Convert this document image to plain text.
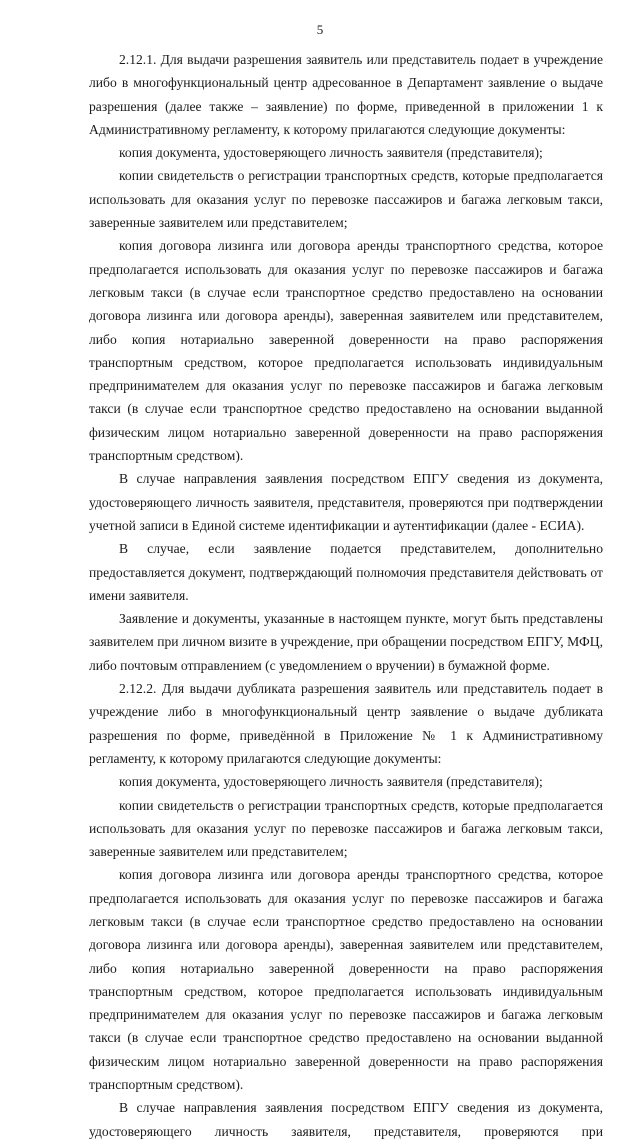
5

2.12.1. Для выдачи разрешения заявитель или представитель подает в учреждение либо в многофункциональный центр адресованное в Департамент заявление о выдаче разрешения (далее также – заявление) по форме, приведенной в приложении 1 к Административному регламенту, к которому прилагаются следующие документы:

копия документа, удостоверяющего личность заявителя (представителя);

копии свидетельств о регистрации транспортных средств, которые предполагается использовать для оказания услуг по перевозке пассажиров и багажа легковым такси, заверенные заявителем или представителем;

копия договора лизинга или договора аренды транспортного средства, которое предполагается использовать для оказания услуг по перевозке пассажиров и багажа легковым такси (в случае если транспортное средство предоставлено на основании договора лизинга или договора аренды), заверенная заявителем или представителем, либо копия нотариально заверенной доверенности на право распоряжения транспортным средством, которое предполагается использовать индивидуальным предпринимателем для оказания услуг по перевозке пассажиров и багажа легковым такси (в случае если транспортное средство предоставлено на основании выданной физическим лицом нотариально заверенной доверенности на право распоряжения транспортным средством).

В случае направления заявления посредством ЕПГУ сведения из документа, удостоверяющего личность заявителя, представителя, проверяются при подтверждении учетной записи в Единой системе идентификации и аутентификации (далее - ЕСИА).

В случае, если заявление подается представителем, дополнительно предоставляется документ, подтверждающий полномочия представителя действовать от имени заявителя.

Заявление и документы, указанные в настоящем пункте, могут быть представлены заявителем при личном визите в учреждение, при обращении посредством ЕПГУ, МФЦ, либо почтовым отправлением (с уведомлением о вручении) в бумажной форме.

2.12.2. Для выдачи дубликата разрешения заявитель или представитель подает в учреждение либо в многофункциональный центр заявление о выдаче дубликата разрешения по форме, приведённой в Приложение № 1 к Административному регламенту, к которому прилагаются следующие документы:

копия документа, удостоверяющего личность заявителя (представителя);

копии свидетельств о регистрации транспортных средств, которые предполагается использовать для оказания услуг по перевозке пассажиров и багажа легковым такси, заверенные заявителем или представителем;

копия договора лизинга или договора аренды транспортного средства, которое предполагается использовать для оказания услуг по перевозке пассажиров и багажа легковым такси (в случае если транспортное средство предоставлено на основании договора лизинга или договора аренды), заверенная заявителем или представителем, либо копия нотариально заверенной доверенности на право распоряжения транспортным средством, которое предполагается использовать индивидуальным предпринимателем для оказания услуг по перевозке пассажиров и багажа легковым такси (в случае если транспортное средство предоставлено на основании выданной физическим лицом нотариально заверенной доверенности на право распоряжения транспортным средством).

В случае направления заявления посредством ЕПГУ сведения из документа, удостоверяющего личность заявителя, представителя, проверяются при
